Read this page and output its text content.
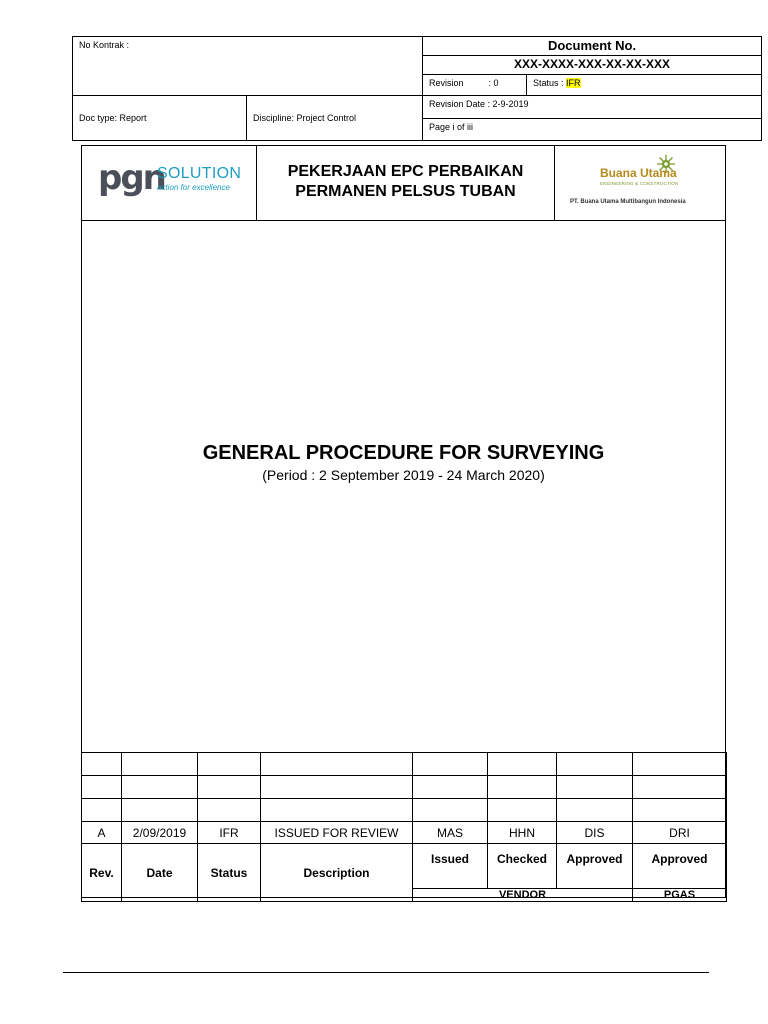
No Kontrak :		Document No.	
		XXX-XXXX-XXX-XX-XX-XXX	
		Revision : 0	Status : IFR
Doc type: Report	Discipline: Project Control	Revision Date : 2-9-2019	
		Page i of iii	
pgn
SOLUTION
action for excellence
PEKERJAAN EPC PERBAIKAN
PERMANEN PELSUS TUBAN
Buana Utama
ENGINEERING & CONSTRUCTION
PT. Buana Utama Multibangun Indonesia
GENERAL PROCEDURE FOR SURVEYING
(Period : 2 September 2019 - 24 March 2020)

A	2/09/2019	IFR	ISSUED FOR REVIEW	MAS	HHN	DIS	DRI
Rev.	Date	Status	Description	Issued	Checked	Approved	Approved
				VENDOR			PGAS
